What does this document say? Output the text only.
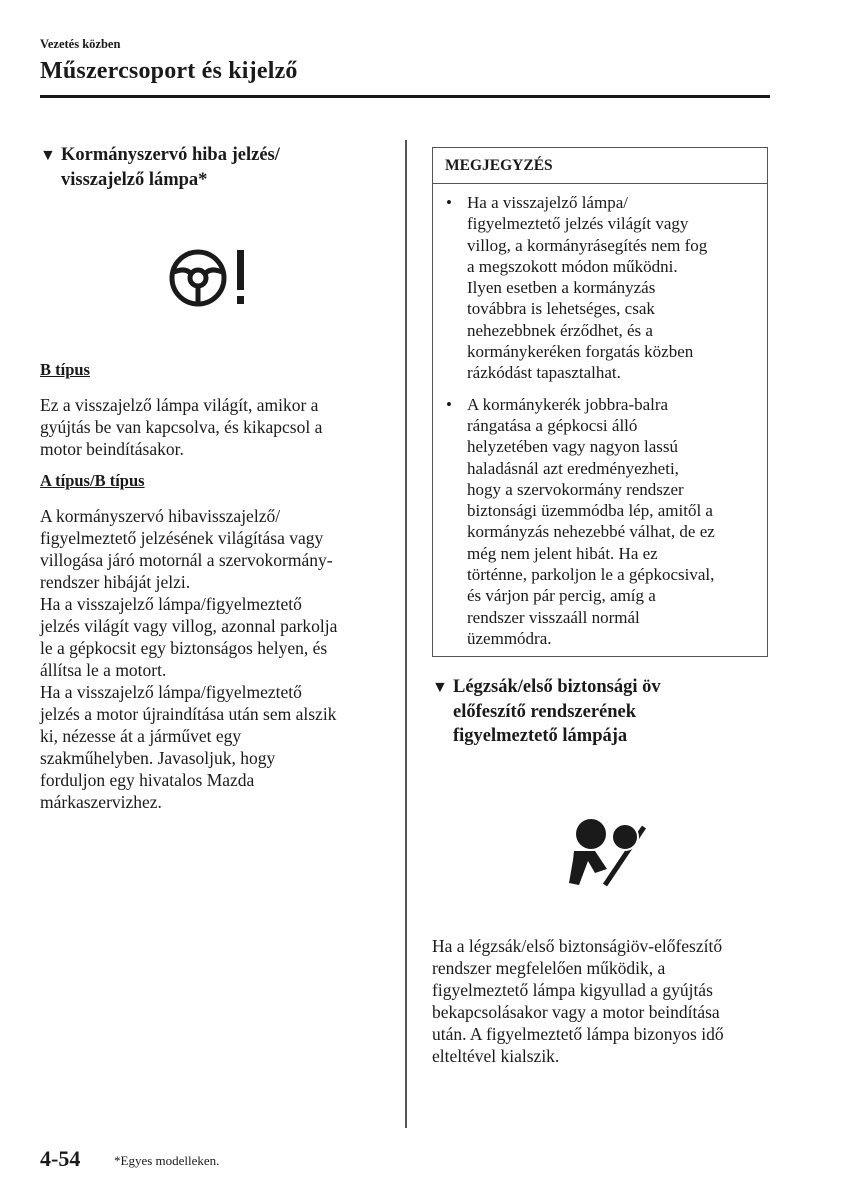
Vezetés közben
Műszercsoport és kijelző
▼ Kormányszervó hiba jelzés/
visszajelző lámpa*
B típus

Ez a visszajelző lámpa világít, amikor a

gyújtás be van kapcsolva, és kikapcsol a

motor beindításakor.

A típus/B típus

A kormányszervó hibavisszajelző/

figyelmeztető jelzésének világítása vagy

villogása járó motornál a szervokormány-

rendszer hibáját jelzi.

Ha a visszajelző lámpa/figyelmeztető

jelzés világít vagy villog, azonnal parkolja

le a gépkocsit egy biztonságos helyen, és

állítsa le a motort.

Ha a visszajelző lámpa/figyelmeztető

jelzés a motor újraindítása után sem alszik

ki, nézesse át a járművet egy

szakműhelyben. Javasoljuk, hogy

forduljon egy hivatalos Mazda

márkaszervizhez.

MEGJEGYZÉS
• Ha a visszajelző lámpa/
figyelmeztető jelzés világít vagy
villog, a kormányrásegítés nem fog
a megszokott módon működni.
Ilyen esetben a kormányzás
továbbra is lehetséges, csak
nehezebbnek érződhet, és a
kormánykeréken forgatás közben
rázkódást tapasztalhat.
• A kormánykerék jobbra-balra
rángatása a gépkocsi álló
helyzetében vagy nagyon lassú
haladásnál azt eredményezheti,
hogy a szervokormány rendszer
biztonsági üzemmódba lép, amitől a
kormányzás nehezebbé válhat, de ez
még nem jelent hibát. Ha ez
történne, parkoljon le a gépkocsival,
és várjon pár percig, amíg a
rendszer visszaáll normál
üzemmódra.
▼ Légzsák/első biztonsági öv
előfeszítő rendszerének
figyelmeztető lámpája

Ha a légzsák/első biztonságiöv-előfeszítő

rendszer megfelelően működik, a

figyelmeztető lámpa kigyullad a gyújtás

bekapcsolásakor vagy a motor beindítása

után. A figyelmeztető lámpa bizonyos idő

elteltével kialszik.

4-54	*Egyes modelleken.
